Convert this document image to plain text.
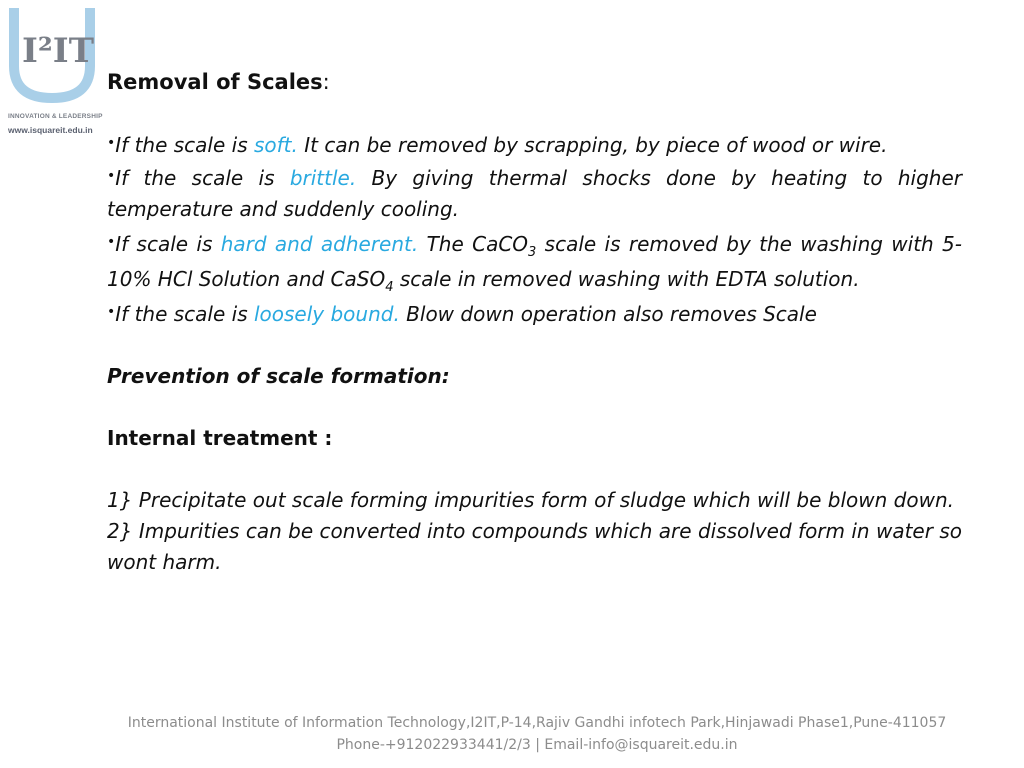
I²IT
INNOVATION & LEADERSHIP
www.isquareit.edu.in

Removal of Scales:

•If the scale is soft. It can be removed by scrapping, by piece of wood or wire.

•If the scale is brittle. By giving thermal shocks done by heating to higher temperature and suddenly cooling.

•If scale is hard and adherent. The CaCO$_3$ scale is removed by the washing with 5-10% HCl Solution and CaSO$_4$ scale in removed washing with EDTA solution.

•If the scale is loosely bound. Blow down operation also removes Scale

Prevention of scale formation:

Internal treatment :

1} Precipitate out scale forming impurities form of sludge which will be blown down.

2} Impurities can be converted into compounds which are dissolved form in water so wont harm.

International Institute of Information Technology,I2IT,P-14,Rajiv Gandhi infotech Park,Hinjawadi Phase1,Pune-411057
Phone-+912022933441/2/3 | Email-info@isquareit.edu.in
